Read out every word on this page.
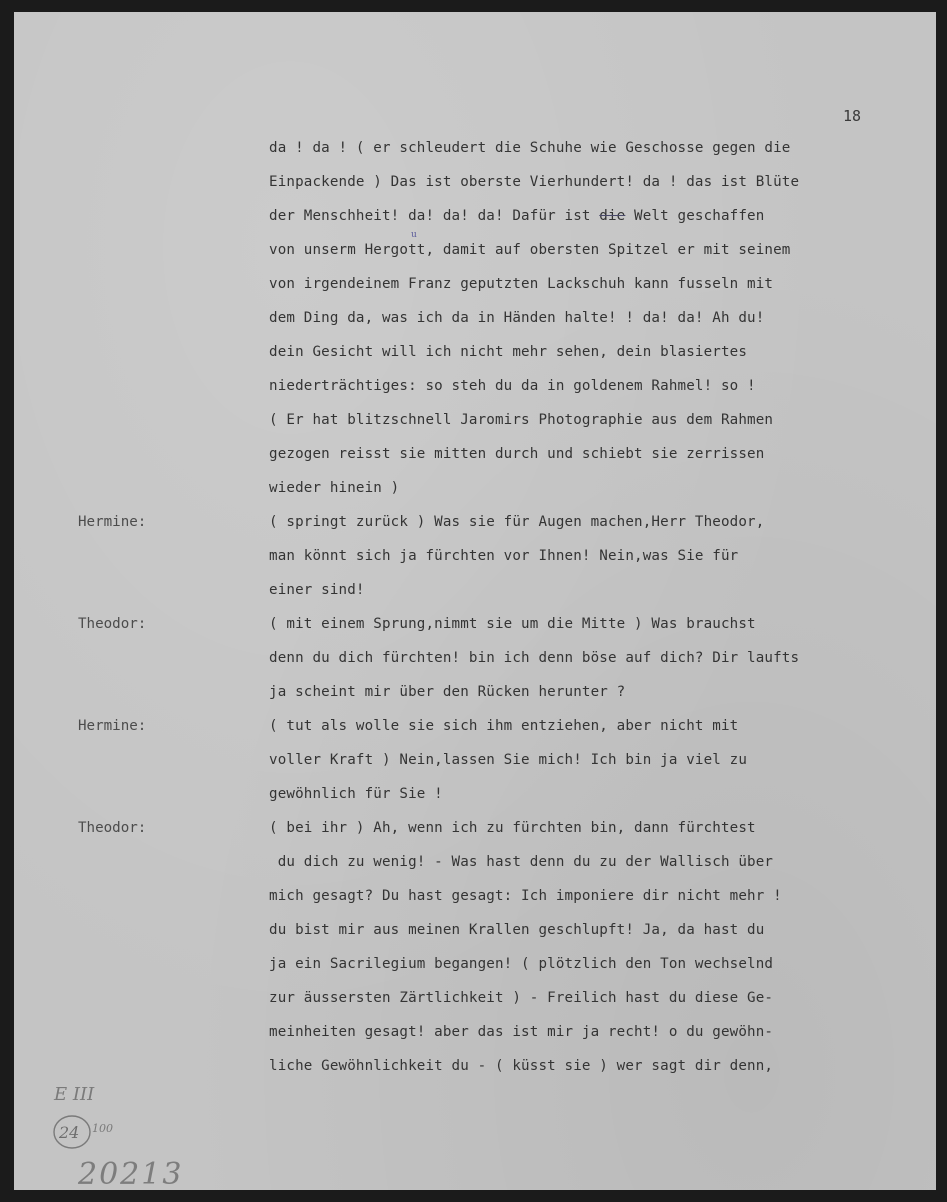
18
da ! da ! ( er schleudert die Schuhe wie Geschosse gegen die
Einpackende ) Das ist oberste Vierhundert! da ! das ist Blüte
der Menschheit! da! da! da! Dafür ist die Welt geschaffen
von unserm Hergott, damit auf obersten Spitzel er mit seinem
von irgendeinem Franz geputzten Lackschuh kann fusseln mit
dem Ding da, was ich da in Händen halte! ! da! da! Ah du!
dein Gesicht will ich nicht mehr sehen, dein blasiertes
niederträchtiges: so steh du da in goldenem Rahmel! so !
( Er hat blitzschnell Jaromirs Photographie aus dem Rahmen
gezogen reisst sie mitten durch und schiebt sie zerrissen
wieder hinein )
( springt zurück ) Was sie für Augen machen,Herr Theodor,
man könnt sich ja fürchten vor Ihnen! Nein,was Sie für
einer sind!
( mit einem Sprung,nimmt sie um die Mitte ) Was brauchst
denn du dich fürchten! bin ich denn böse auf dich? Dir laufts
ja scheint mir über den Rücken herunter ?
( tut als wolle sie sich ihm entziehen, aber nicht mit
voller Kraft ) Nein,lassen Sie mich! Ich bin ja viel zu
gewöhnlich für Sie !
( bei ihr ) Ah, wenn ich zu fürchten bin, dann fürchtest
du dich zu wenig! - Was hast denn du zu der Wallisch über
mich gesagt? Du hast gesagt: Ich imponiere dir nicht mehr !
du bist mir aus meinen Krallen geschlupft! Ja, da hast du
ja ein Sacrilegium begangen! ( plötzlich den Ton wechselnd
zur äussersten Zärtlichkeit ) - Freilich hast du diese Ge-
meinheiten gesagt! aber das ist mir ja recht! o du gewöhn-
liche Gewöhnlichkeit du - ( küsst sie ) wer sagt dir denn,
Hermine:
Theodor:
Hermine:
Theodor:
u
E III
24 100
20213
